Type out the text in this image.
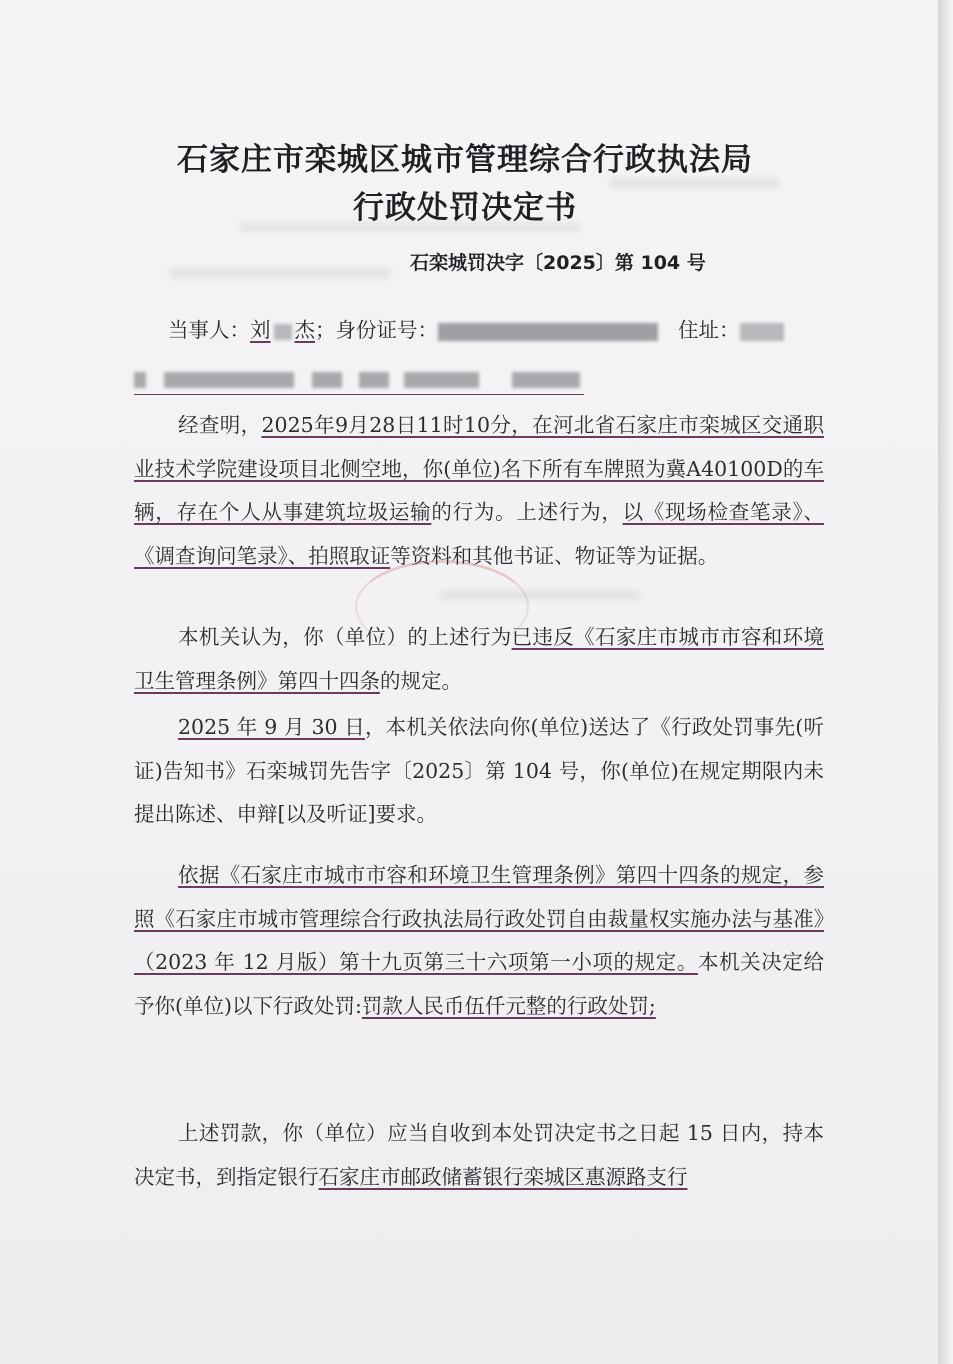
石家庄市栾城区城市管理综合行政执法局
行政处罚决定书
石栾城罚决字〔2025〕第 104 号
当事人：刘 杰；身份证号：	住址：
经查明，2025年9月28日11时10分，在河北省石家庄市栾城区交通职业技术学院建设项目北侧空地，你(单位)名下所有车牌照为冀A40100D的车辆，存在个人从事建筑垃圾运输的行为。上述行为，以《现场检查笔录》、《调查询问笔录》、拍照取证等资料和其他书证、物证等为证据。
本机关认为，你（单位）的上述行为已违反《石家庄市城市市容和环境卫生管理条例》第四十四条的规定。
2025 年 9 月 30 日，本机关依法向你(单位)送达了《行政处罚事先(听证)告知书》石栾城罚先告字〔2025〕第 104 号，你(单位)在规定期限内未提出陈述、申辩[以及听证]要求。
依据《石家庄市城市市容和环境卫生管理条例》第四十四条的规定，参照《石家庄市城市管理综合行政执法局行政处罚自由裁量权实施办法与基准》（2023 年 12 月版）第十九页第三十六项第一小项的规定。本机关决定给予你(单位)以下行政处罚:罚款人民币伍仟元整的行政处罚;
上述罚款，你（单位）应当自收到本处罚决定书之日起 15 日内，持本决定书，到指定银行石家庄市邮政储蓄银行栾城区惠源路支行
